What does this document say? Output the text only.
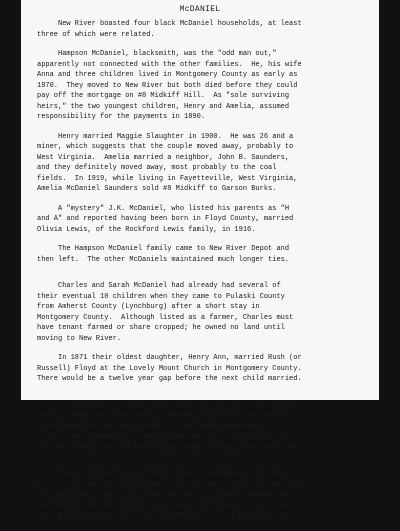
McDANIEL
New River boasted four black McDaniel households, at least
three of which were related.
Hampson McDaniel, blacksmith, was the "odd man out,"
apparently not connected with the other families.  He, his wife
Anna and three children lived in Montgomery County as early as
1870.  They moved to New River but both died before they could
pay off the mortgage on #8 Midkiff Hill.  As "sole surviving
heirs," the two youngest children, Henry and Amelia, assumed
responsibility for the payments in 1890.
Henry married Maggie Slaughter in 1900.  He was 26 and a
miner, which suggests that the couple moved away, probably to
West Virginia.  Amelia married a neighbor, John B. Saunders,
and they definitely moved away, most probably to the coal
fields.  In 1919, while living in Fayetteville, West Virginia,
Amelia McDaniel Saunders sold #8 Midkiff to Garson Burks.
A "mystery" J.K. McDaniel, who listed his parents as "H
and A" and reported having been born in Floyd County, married
Olivia Lewis, of the Rockford Lewis family, in 1916.
The Hampson McDaniel family came to New River Depot and
then left.  The other McDaniels maintained much longer ties.
Charles and Sarah McDaniel had already had several of
their eventual 10 children when they came to Pulaski County
from Amherst County (Lynchburg) after a short stay in
Montgomery County.  Although listed as a farmer, Charles must
have tenant farmed or share cropped; he owned no land until
moving to New River.
In 1871 their oldest daughter, Henry Ann, married Rush (or
Russell) Floyd at the Lovely Mount Church in Montgomery County.
There would be a twelve year gap before the next child married.
In the interim, Sarah died.  Charles married Laura Harvey
and, in 1883, at about age 55, bought an acre of land across
Giles Road from Morgan's Chapel.  The family eventually
constructed a good size plank house, which still stands.  Also
in 1883, Henry Ann and Rush Floyd bought an adjoining acre lot.
There followed a veritable flood of weddings.  In 1883
Arthur (23) married Eliza Manns (21), of Henry County.  William
(22) married M. Patterson (20) in 1884.  In 1885, Genice (21)
married Charles Heath (34), a barber.  And then, on the same
day, Elizabeth (19) married John Palmer (23), a brakeman from
